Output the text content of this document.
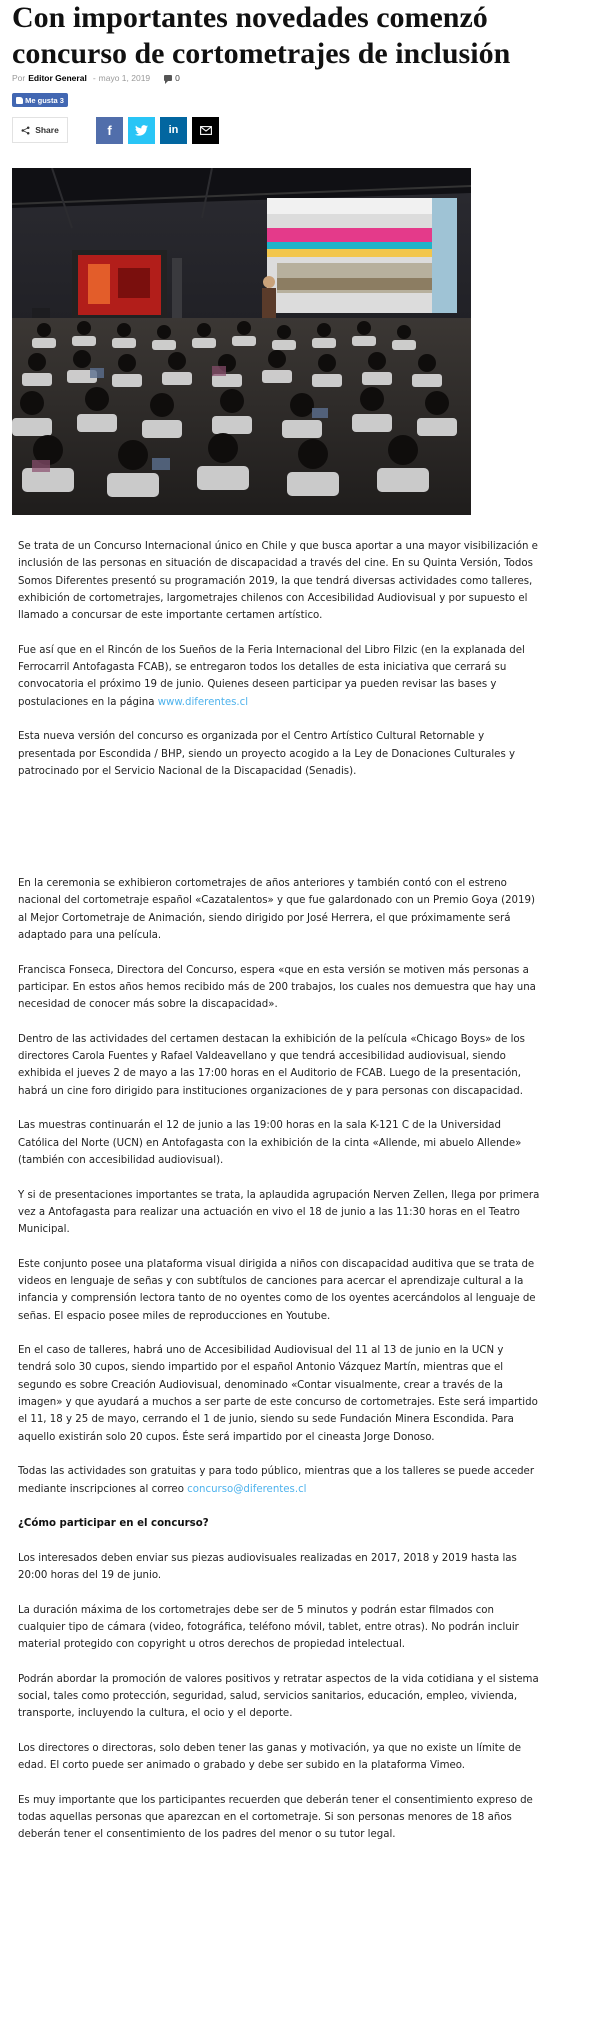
Con importantes novedades comenzó concurso de cortometrajes de inclusión
Por Editor General - mayo 1, 2019	0
Me gusta 3
Share	f	in

Se trata de un Concurso Internacional único en Chile y que busca aportar a una mayor visibilización e inclusión de las personas en situación de discapacidad a través del cine. En su Quinta Versión, Todos Somos Diferentes presentó su programación 2019, la que tendrá diversas actividades como talleres, exhibición de cortometrajes, largometrajes chilenos con Accesibilidad Audiovisual y por supuesto el llamado a concursar de este importante certamen artístico.

Fue así que en el Rincón de los Sueños de la Feria Internacional del Libro Filzic (en la explanada del Ferrocarril Antofagasta FCAB), se entregaron todos los detalles de esta iniciativa que cerrará su convocatoria el próximo 19 de junio. Quienes deseen participar ya pueden revisar las bases y postulaciones en la página www.diferentes.cl

Esta nueva versión del concurso es organizada por el Centro Artístico Cultural Retornable y presentada por Escondida / BHP, siendo un proyecto acogido a la Ley de Donaciones Culturales y patrocinado por el Servicio Nacional de la Discapacidad (Senadis).

En la ceremonia se exhibieron cortometrajes de años anteriores y también contó con el estreno nacional del cortometraje español «Cazatalentos» y que fue galardonado con un Premio Goya (2019) al Mejor Cortometraje de Animación, siendo dirigido por José Herrera, el que próximamente será adaptado para una película.

Francisca Fonseca, Directora del Concurso, espera «que en esta versión se motiven más personas a participar. En estos años hemos recibido más de 200 trabajos, los cuales nos demuestra que hay una necesidad de conocer más sobre la discapacidad».

Dentro de las actividades del certamen destacan la exhibición de la película «Chicago Boys» de los directores Carola Fuentes y Rafael Valdeavellano y que tendrá accesibilidad audiovisual, siendo exhibida el jueves 2 de mayo a las 17:00 horas en el Auditorio de FCAB. Luego de la presentación, habrá un cine foro dirigido para instituciones organizaciones de y para personas con discapacidad.

Las muestras continuarán el 12 de junio a las 19:00 horas en la sala K-121 C de la Universidad Católica del Norte (UCN) en Antofagasta con la exhibición de la cinta «Allende, mi abuelo Allende» (también con accesibilidad audiovisual).

Y si de presentaciones importantes se trata, la aplaudida agrupación Nerven Zellen, llega por primera vez a Antofagasta para realizar una actuación en vivo el 18 de junio a las 11:30 horas en el Teatro Municipal.

Este conjunto posee una plataforma visual dirigida a niños con discapacidad auditiva que se trata de videos en lenguaje de señas y con subtítulos de canciones para acercar el aprendizaje cultural a la infancia y comprensión lectora tanto de no oyentes como de los oyentes acercándolos al lenguaje de señas. El espacio posee miles de reproducciones en Youtube.

En el caso de talleres, habrá uno de Accesibilidad Audiovisual del 11 al 13 de junio en la UCN y tendrá solo 30 cupos, siendo impartido por el español Antonio Vázquez Martín, mientras que el segundo es sobre Creación Audiovisual, denominado «Contar visualmente, crear a través de la imagen» y que ayudará a muchos a ser parte de este concurso de cortometrajes. Este será impartido el 11, 18 y 25 de mayo, cerrando el 1 de junio, siendo su sede Fundación Minera Escondida. Para aquello existirán solo 20 cupos. Éste será impartido por el cineasta Jorge Donoso.

Todas las actividades son gratuitas y para todo público, mientras que a los talleres se puede acceder mediante inscripciones al correo concurso@diferentes.cl

¿Cómo participar en el concurso?

Los interesados deben enviar sus piezas audiovisuales realizadas en 2017, 2018 y 2019 hasta las 20:00 horas del 19 de junio.

La duración máxima de los cortometrajes debe ser de 5 minutos y podrán estar filmados con cualquier tipo de cámara (video, fotográfica, teléfono móvil, tablet, entre otras). No podrán incluir material protegido con copyright u otros derechos de propiedad intelectual.

Podrán abordar la promoción de valores positivos y retratar aspectos de la vida cotidiana y el sistema social, tales como protección, seguridad, salud, servicios sanitarios, educación, empleo, vivienda, transporte, incluyendo la cultura, el ocio y el deporte.

Los directores o directoras, solo deben tener las ganas y motivación, ya que no existe un límite de edad. El corto puede ser animado o grabado y debe ser subido en la plataforma Vimeo.

Es muy importante que los participantes recuerden que deberán tener el consentimiento expreso de todas aquellas personas que aparezcan en el cortometraje. Si son personas menores de 18 años deberán tener el consentimiento de los padres del menor o su tutor legal.
